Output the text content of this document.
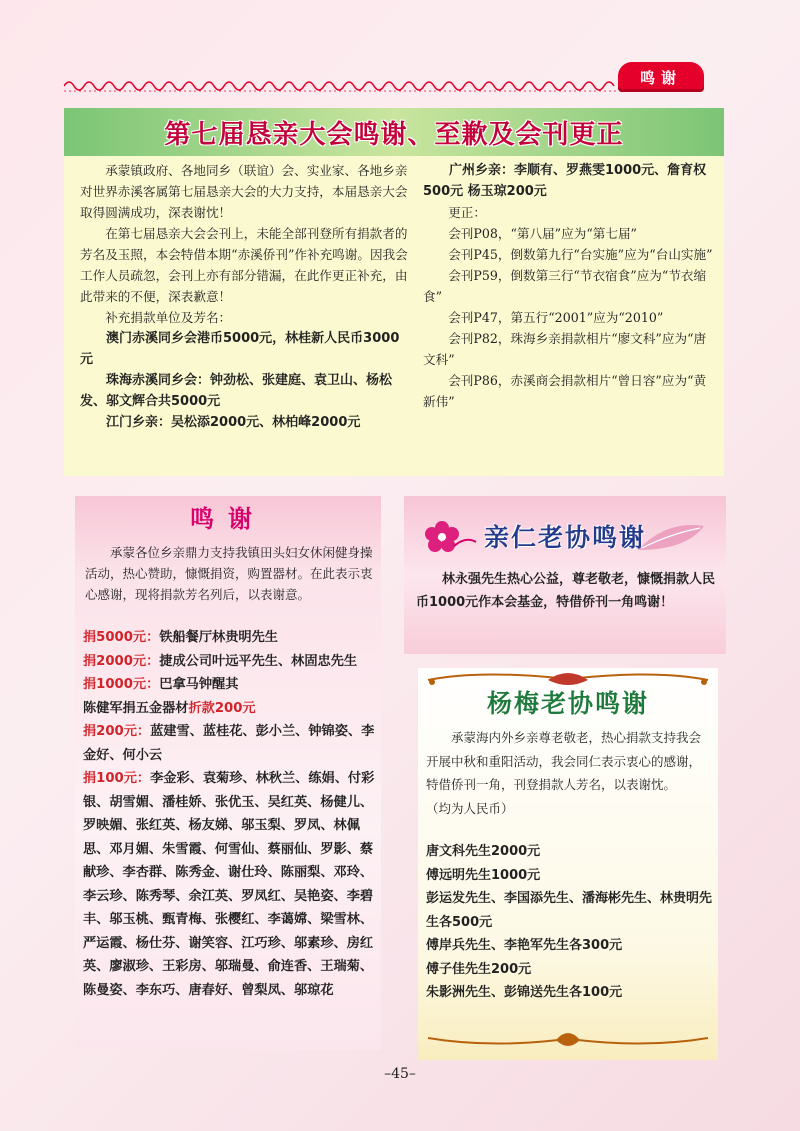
鸣谢
第七届恳亲大会鸣谢、至歉及会刊更正

承蒙镇政府、各地同乡（联谊）会、实业家、各地乡亲对世界赤溪客属第七届恳亲大会的大力支持，本届恳亲大会取得圆满成功，深表谢忱！

在第七届恳亲大会会刊上，未能全部刊登所有捐款者的芳名及玉照，本会特借本期“赤溪侨刊”作补充鸣谢。因我会工作人员疏忽，会刊上亦有部分错漏，在此作更正补充，由此带来的不便，深表歉意！

补充捐款单位及芳名：

澳门赤溪同乡会港币5000元，林桂新人民币3000元

珠海赤溪同乡会：钟劲松、张建庭、袁卫山、杨松发、邬文辉合共5000元

江门乡亲：吴松添2000元、林柏峰2000元

广州乡亲：李顺有、罗燕雯1000元、詹育权500元 杨玉琼200元

更正：

会刊P08，“第八届”应为“第七届”

会刊P45，倒数第九行“台实施”应为“台山实施”

会刊P59，倒数第三行“节衣宿食”应为“节衣缩食”

会刊P47，第五行“2001”应为“2010”

会刊P82，珠海乡亲捐款相片“廖文科”应为“唐文科”

会刊P86，赤溪商会捐款相片“曾日容”应为“黄新伟”

鸣谢

承蒙各位乡亲鼎力支持我镇田头妇女休闲健身操活动，热心赞助，慷慨捐资，购置器材。在此表示衷心感谢，现将捐款芳名列后，以表谢意。

捐5000元：铁船餐厅林贵明先生

捐2000元：捷成公司叶远平先生、林固忠先生

捐1000元：巴拿马钟醒其

陈健军捐五金器材折款200元

捐200元：蓝建雪、蓝桂花、彭小兰、钟锦姿、李金好、何小云

捐100元：李金彩、袁菊珍、林秋兰、练娟、付彩银、胡雪媚、潘桂娇、张优玉、吴红英、杨健儿、罗映媚、张红英、杨友娣、邬玉梨、罗凤、林佩思、邓月媚、朱雪霞、何雪仙、蔡丽仙、罗影、蔡献珍、李杏群、陈秀金、谢仕玲、陈丽梨、邓玲、李云珍、陈秀琴、余江英、罗凤红、吴艳姿、李碧丰、邬玉桃、甄青梅、张樱红、李蔼嫦、梁雪林、严运霞、杨仕芬、谢笑容、江巧珍、邬素珍、房红英、廖淑珍、王彩房、邬瑞曼、俞连香、王瑞菊、陈曼姿、李东巧、唐春好、曾梨凤、邬琼花

亲仁老协鸣谢

林永强先生热心公益，尊老敬老，慷慨捐款人民币1000元作本会基金，特借侨刊一角鸣谢！

杨梅老协鸣谢

承蒙海内外乡亲尊老敬老，热心捐款支持我会开展中秋和重阳活动，我会同仁表示衷心的感谢，特借侨刊一角，刊登捐款人芳名，以表谢忱。

（均为人民币）

唐文科先生2000元

傅远明先生1000元

彭运发先生、李国添先生、潘海彬先生、林贵明先生各500元

傅岸兵先生、李艳军先生各300元

傅子佳先生200元

朱影洲先生、彭锦送先生各100元

–45–
